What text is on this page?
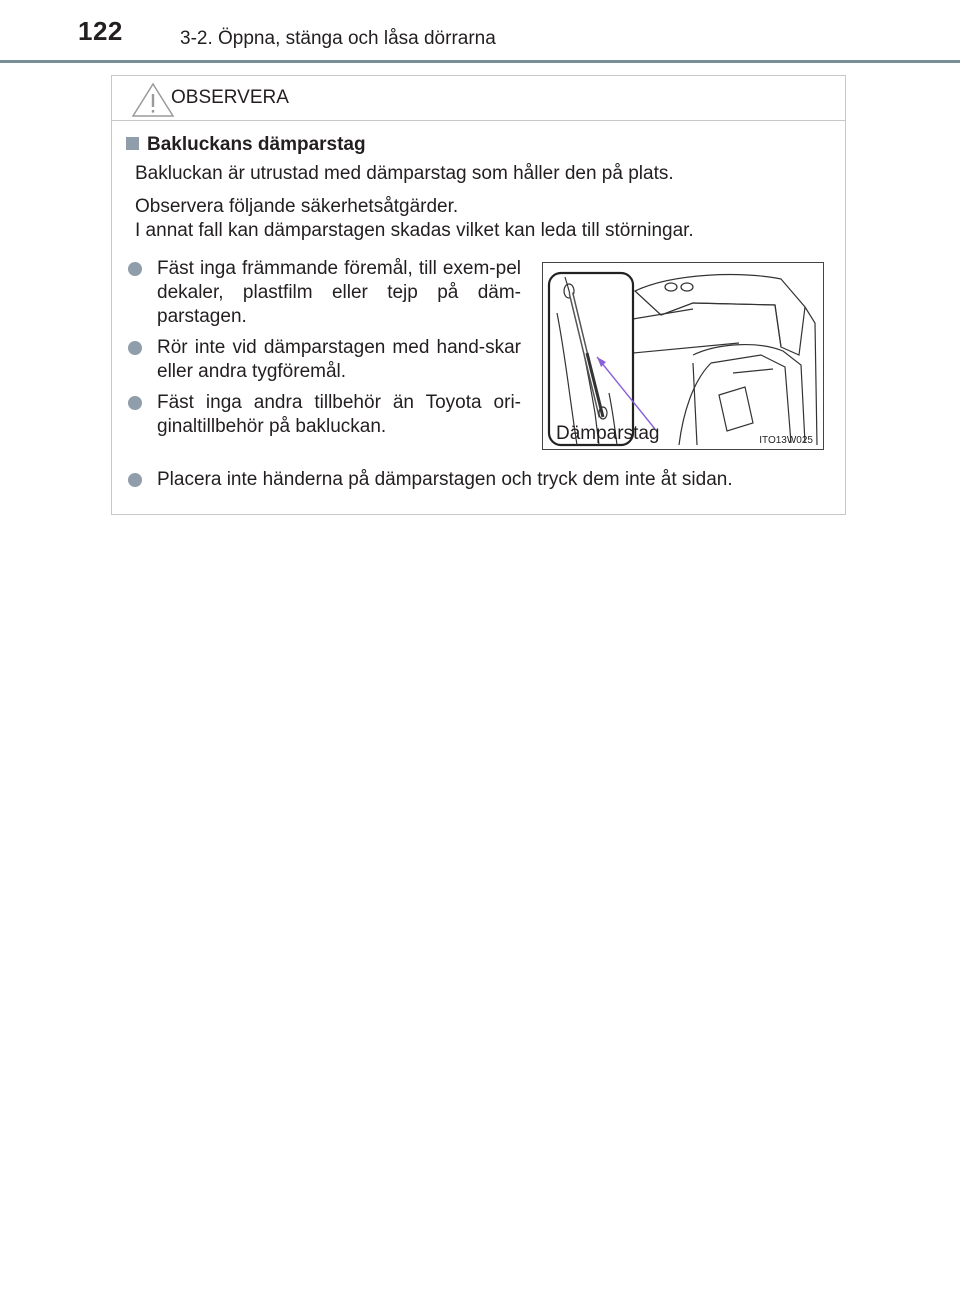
122	3-2. Öppna, stänga och låsa dörrarna
OBSERVERA
Bakluckans dämparstag
Bakluckan är utrustad med dämparstag som håller den på plats.
Observera följande säkerhetsåtgärder.
I annat fall kan dämparstagen skadas vilket kan leda till störningar.
Fäst inga främmande föremål, till exem-pel dekaler, plastfilm eller tejp på däm-parstagen.
Rör inte vid dämparstagen med hand-skar eller andra tygföremål.
Fäst inga andra tillbehör än Toyota ori-ginaltillbehör på bakluckan.
Placera inte händerna på dämparstagen och tryck dem inte åt sidan.
Dämparstag	ITO13W025
